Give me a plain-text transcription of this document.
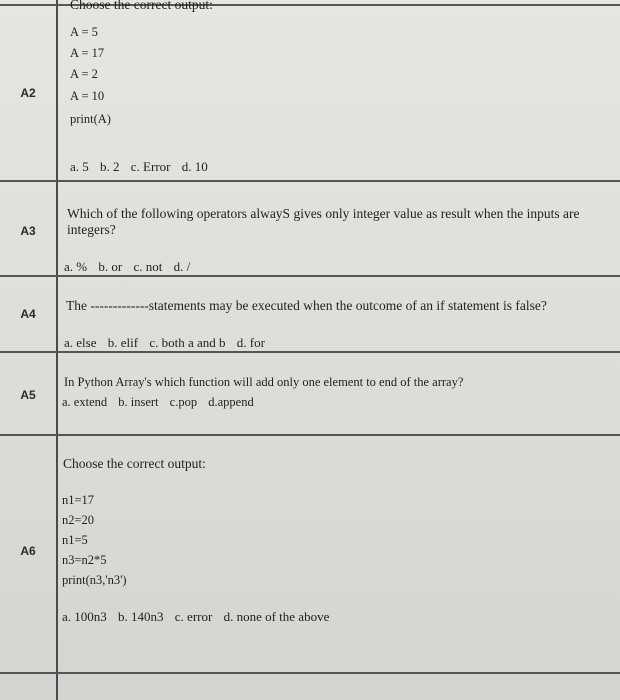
A2
Choose the correct output:
A = 5
A = 17
A = 2
A = 10
print(A)
a. 5 b. 2 c. Error d. 10
A3
Which of the following operators alwayS gives only integer value as result when the inputs are
integers?
a. % b. or c. not d. /
A4
The -------------statements may be executed when the outcome of an if statement is false?
a. else b. elif c. both a and b d. for
A5
In Python Array's which function will add only one element to end of the array?
a. extend b. insert c.pop d.append
A6
Choose the correct output:
n1=17
n2=20
n1=5
n3=n2*5
print(n3,'n3')
a. 100n3 b. 140n3 c. error d. none of the above
